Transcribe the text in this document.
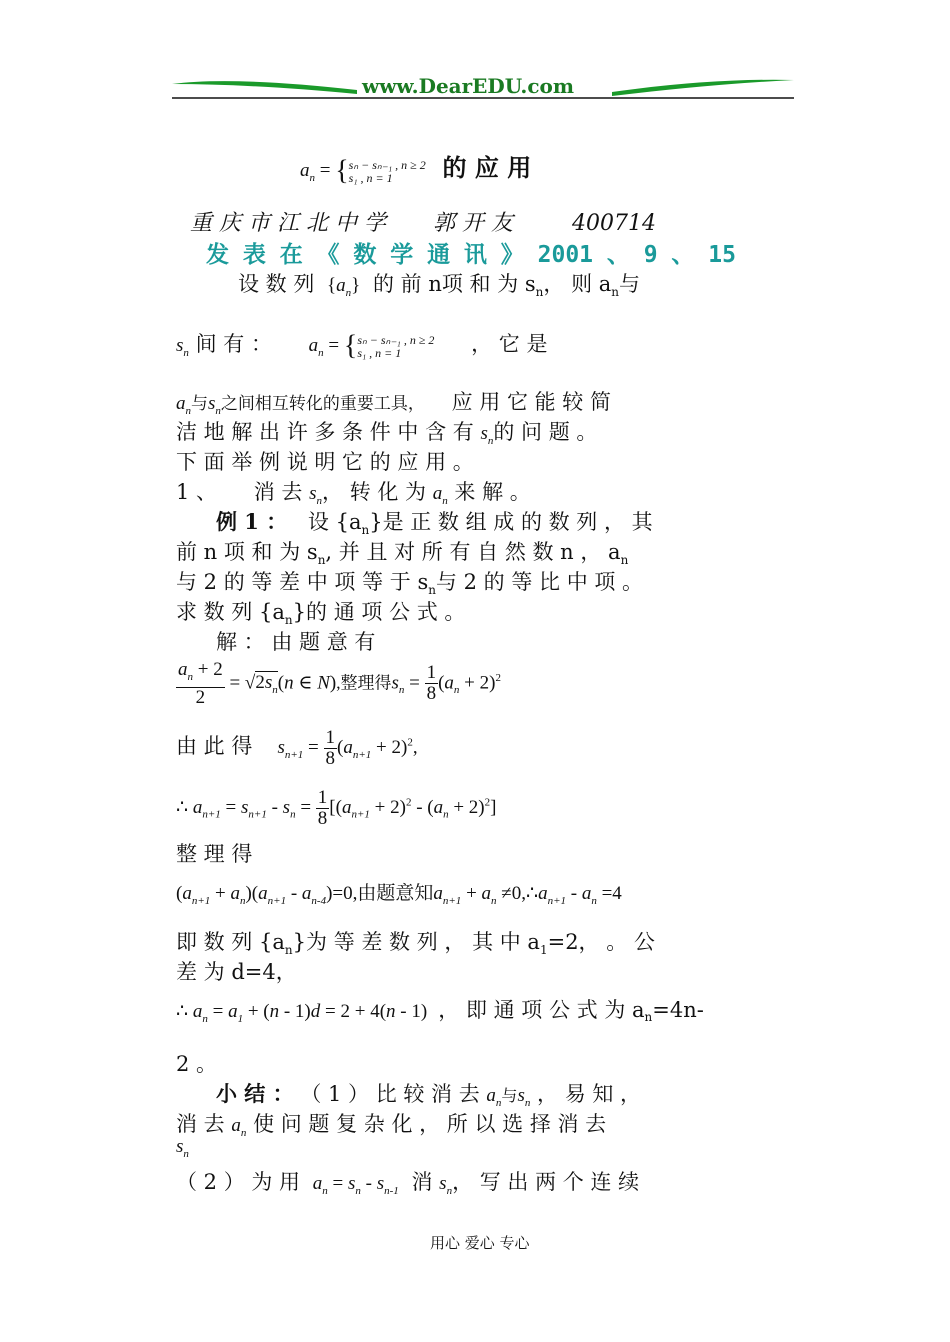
www.DearEDU.com
$a_n$ = { sₙ − sₙ₋₁ , n ≥ 2
s₁ , n = 1	的 应 用
重 庆 市 江 北 中 学 郭 开 友	400714
发 表 在 《 数 学 通 讯 》 2001 、 9 、 15
设 数 列 $\{a_n\}$ 的 前 n项 和 为 $s_n$， 则 $a_n$与
$s_n$ 间 有 ： $a_n$ = { sₙ − sₙ₋₁ , n ≥ 2
s₁ , n = 1	， 它 是
$a_n$与$s_n$之间相互转化的重要工具， 应 用 它 能 较 简
洁 地 解 出 许 多 条 件 中 含 有 $s_n$的 问 题 。
下 面 举 例 说 明 它 的 应 用 。
1 、 消 去 $s_n$， 转 化 为 $a_n$ 来 解 。
例 1 ： 设 $\{a_n\}$是 正 数 组 成 的 数 列 ， 其
前 n 项 和 为 $s_n$, 并 且 对 所 有 自 然 数 n ， $a_n$
与 2 的 等 差 中 项 等 于 $s_n$与 2 的 等 比 中 项 。
求 数 列 $\{a_n\}$的 通 项 公 式 。
解 ： 由 题 意 有
$\frac{a_n + 2}{2} = √2s_n(n$ ∈ N),整理得$s_n = \frac{1}{8} (a_n + 2)^2$
由 此 得 $s_{n+1} = \frac{1}{8} (a_{n+1} + 2)^2$,
∴ $a_{n+1} = s_{n+1} - s_n = \frac{1}{8} [(a_{n+1} + 2)^2 - (a_n + 2)^2]$
整 理 得
$(a_{n+1} + a_n)(a_{n+1} - a_{n-4})=0$,由题意知$a_{n+1} + a_n$ $\ne 0,\therefore a_{n+1} - a_n =4$
即 数 列 $\{a_n\}$为 等 差 数 列 ， 其 中 $a_1=2$， 。 公
差 为 d=4，
∴ $a_n = a_1 + (n - 1)d = 2 + 4(n - 1)$ ， 即 通 项 公 式 为 $a_n=4n-$
2 。
小 结 ： （ 1 ） 比 较 消 去 $a_n$与$s_n$ ， 易 知 ，
消 去 $a_n$ 使 问 题 复 杂 化 ， 所 以 选 择 消 去
$s_n$
（ 2 ） 为 用 $a_n = s_n - s_{n-1}$ 消 $s_n$， 写 出 两 个 连 续
用心 爱心 专心
